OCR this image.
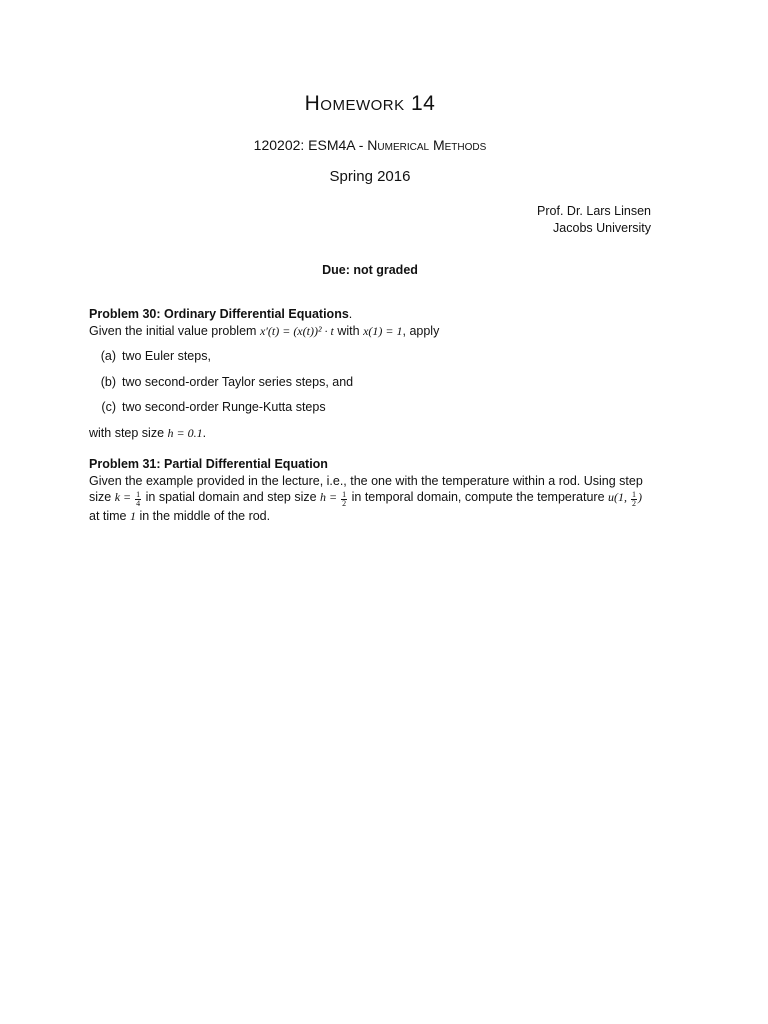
Homework 14
120202: ESM4A - Numerical Methods
Spring 2016
Prof. Dr. Lars Linsen
Jacobs University
Due: not graded
Problem 30: Ordinary Differential Equations.
Given the initial value problem x′(t) = (x(t))² · t with x(1) = 1, apply
(a) two Euler steps,
(b) two second-order Taylor series steps, and
(c) two second-order Runge-Kutta steps
with step size h = 0.1.
Problem 31: Partial Differential Equation
Given the example provided in the lecture, i.e., the one with the temperature within a rod. Using step size $k = \frac{1}{4}$ in spatial domain and step size $h = \frac{1}{2}$ in temporal domain, compute the temperature u(1, $\frac{1}{2}$ ) at time 1 in the middle of the rod.
